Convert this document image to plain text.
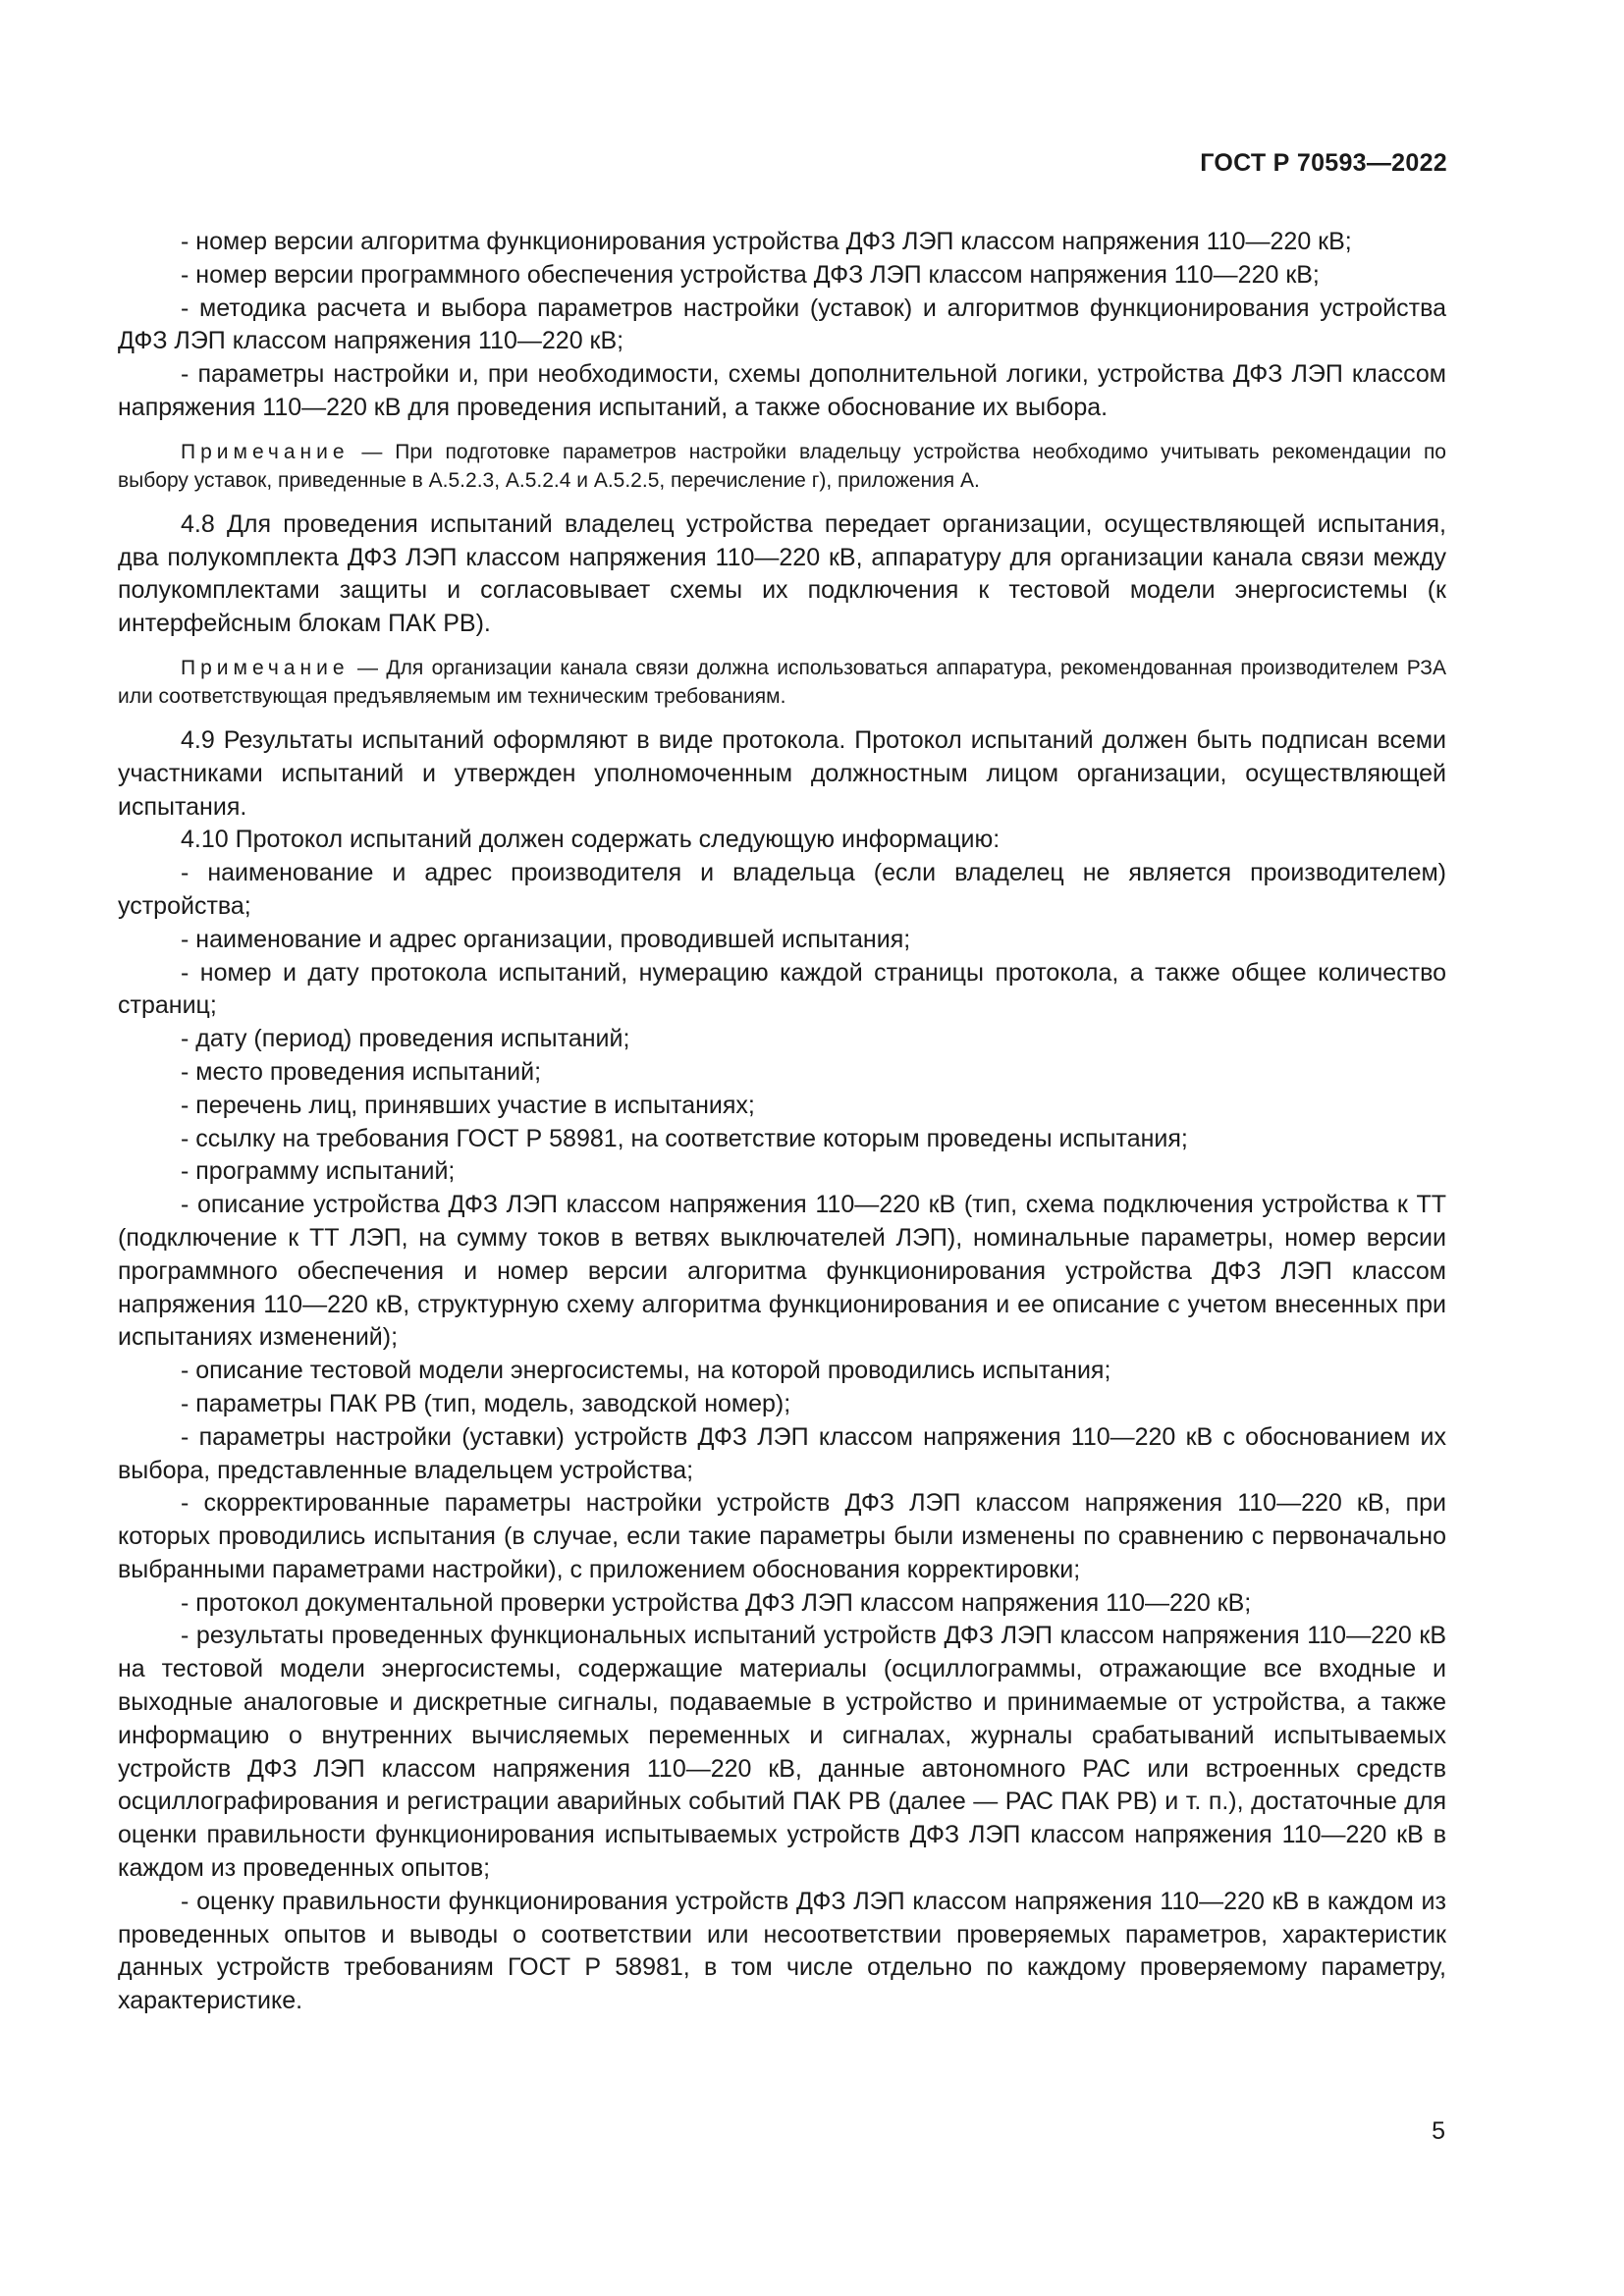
ГОСТ Р 70593—2022

- номер версии алгоритма функционирования устройства ДФЗ ЛЭП классом напряжения 110—220 кВ;

- номер версии программного обеспечения устройства ДФЗ ЛЭП классом напряжения 110—220 кВ;

- методика расчета и выбора параметров настройки (уставок) и алгоритмов функционирования устройства ДФЗ ЛЭП классом напряжения 110—220 кВ;

- параметры настройки и, при необходимости, схемы дополнительной логики, устройства ДФЗ ЛЭП классом напряжения 110—220 кВ для проведения испытаний, а также обоснование их выбора.

Примечание — При подготовке параметров настройки владельцу устройства необходимо учитывать рекомендации по выбору уставок, приведенные в А.5.2.3, А.5.2.4 и А.5.2.5, перечисление г), приложения А.

4.8 Для проведения испытаний владелец устройства передает организации, осуществляющей испытания, два полукомплекта ДФЗ ЛЭП классом напряжения 110—220 кВ, аппаратуру для организации канала связи между полукомплектами защиты и согласовывает схемы их подключения к тестовой модели энергосистемы (к интерфейсным блокам ПАК РВ).

Примечание — Для организации канала связи должна использоваться аппаратура, рекомендованная производителем РЗА или соответствующая предъявляемым им техническим требованиям.

4.9 Результаты испытаний оформляют в виде протокола. Протокол испытаний должен быть подписан всеми участниками испытаний и утвержден уполномоченным должностным лицом организации, осуществляющей испытания.

4.10 Протокол испытаний должен содержать следующую информацию:

- наименование и адрес производителя и владельца (если владелец не является производителем) устройства;

- наименование и адрес организации, проводившей испытания;

- номер и дату протокола испытаний, нумерацию каждой страницы протокола, а также общее количество страниц;

- дату (период) проведения испытаний;

- место проведения испытаний;

- перечень лиц, принявших участие в испытаниях;

- ссылку на требования ГОСТ Р 58981, на соответствие которым проведены испытания;

- программу испытаний;

- описание устройства ДФЗ ЛЭП классом напряжения 110—220 кВ (тип, схема подключения устройства к ТТ (подключение к ТТ ЛЭП, на сумму токов в ветвях выключателей ЛЭП), номинальные параметры, номер версии программного обеспечения и номер версии алгоритма функционирования устройства ДФЗ ЛЭП классом напряжения 110—220 кВ, структурную схему алгоритма функционирования и ее описание с учетом внесенных при испытаниях изменений);

- описание тестовой модели энергосистемы, на которой проводились испытания;

- параметры ПАК РВ (тип, модель, заводской номер);

- параметры настройки (уставки) устройств ДФЗ ЛЭП классом напряжения 110—220 кВ с обоснованием их выбора, представленные владельцем устройства;

- скорректированные параметры настройки устройств ДФЗ ЛЭП классом напряжения 110—220 кВ, при которых проводились испытания (в случае, если такие параметры были изменены по сравнению с первоначально выбранными параметрами настройки), с приложением обоснования корректировки;

- протокол документальной проверки устройства ДФЗ ЛЭП классом напряжения 110—220 кВ;

- результаты проведенных функциональных испытаний устройств ДФЗ ЛЭП классом напряжения 110—220 кВ на тестовой модели энергосистемы, содержащие материалы (осциллограммы, отражающие все входные и выходные аналоговые и дискретные сигналы, подаваемые в устройство и принимаемые от устройства, а также информацию о внутренних вычисляемых переменных и сигналах, журналы срабатываний испытываемых устройств ДФЗ ЛЭП классом напряжения 110—220 кВ, данные автономного РАС или встроенных средств осциллографирования и регистрации аварийных событий ПАК РВ (далее — РАС ПАК РВ) и т. п.), достаточные для оценки правильности функционирования испытываемых устройств ДФЗ ЛЭП классом напряжения 110—220 кВ в каждом из проведенных опытов;

- оценку правильности функционирования устройств ДФЗ ЛЭП классом напряжения 110—220 кВ в каждом из проведенных опытов и выводы о соответствии или несоответствии проверяемых параметров, характеристик данных устройств требованиям ГОСТ Р 58981, в том числе отдельно по каждому проверяемому параметру, характеристике.

5
